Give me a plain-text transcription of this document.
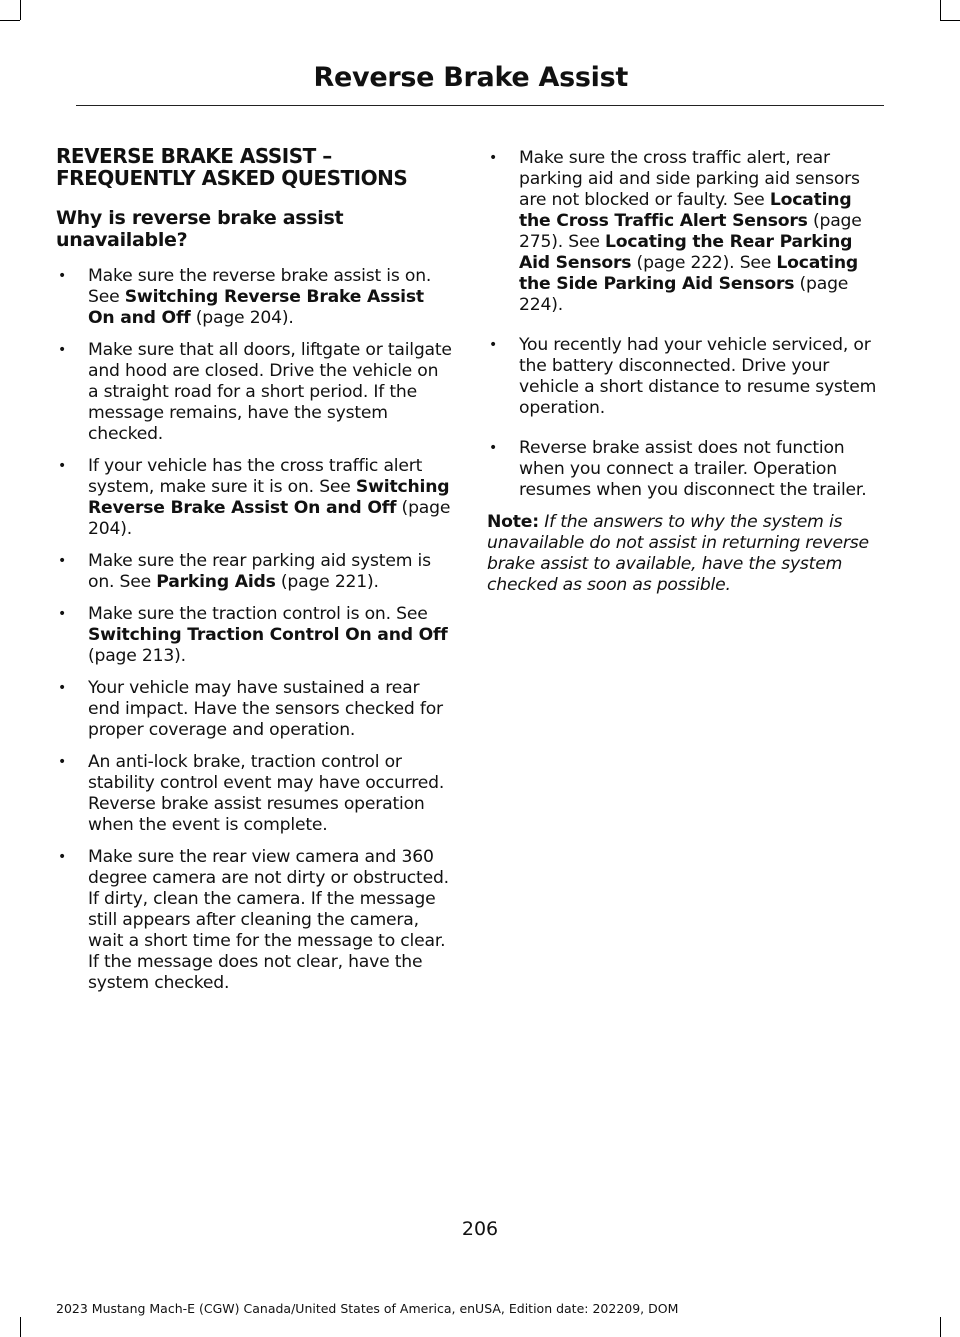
Reverse Brake Assist
REVERSE BRAKE ASSIST –
FREQUENTLY ASKED QUESTIONS
Why is reverse brake assist
unavailable?
• Make sure the reverse brake assist is on. See Switching Reverse Brake Assist On and Off (page 204).
• Make sure that all doors, liftgate or tailgate and hood are closed. Drive the vehicle on a straight road for a short period. If the message remains, have the system checked.
• If your vehicle has the cross traffic alert system, make sure it is on. See Switching Reverse Brake Assist On and Off (page 204).
• Make sure the rear parking aid system is on. See Parking Aids (page 221).
• Make sure the traction control is on. See Switching Traction Control On and Off (page 213).
• Your vehicle may have sustained a rear end impact. Have the sensors checked for proper coverage and operation.
• An anti-lock brake, traction control or stability control event may have occurred. Reverse brake assist resumes operation when the event is complete.
• Make sure the rear view camera and 360 degree camera are not dirty or obstructed. If dirty, clean the camera. If the message still appears after cleaning the camera, wait a short time for the message to clear. If the message does not clear, have the system checked.
• Make sure the cross traffic alert, rear parking aid and side parking aid sensors are not blocked or faulty. See Locating the Cross Traffic Alert Sensors (page 275). See Locating the Rear Parking Aid Sensors (page 222). See Locating the Side Parking Aid Sensors (page 224).
• You recently had your vehicle serviced, or the battery disconnected. Drive your vehicle a short distance to resume system operation.
• Reverse brake assist does not function when you connect a trailer. Operation resumes when you disconnect the trailer.

Note: If the answers to why the system is unavailable do not assist in returning reverse brake assist to available, have the system checked as soon as possible.

206
2023 Mustang Mach-E (CGW) Canada/United States of America, enUSA, Edition date: 202209, DOM
